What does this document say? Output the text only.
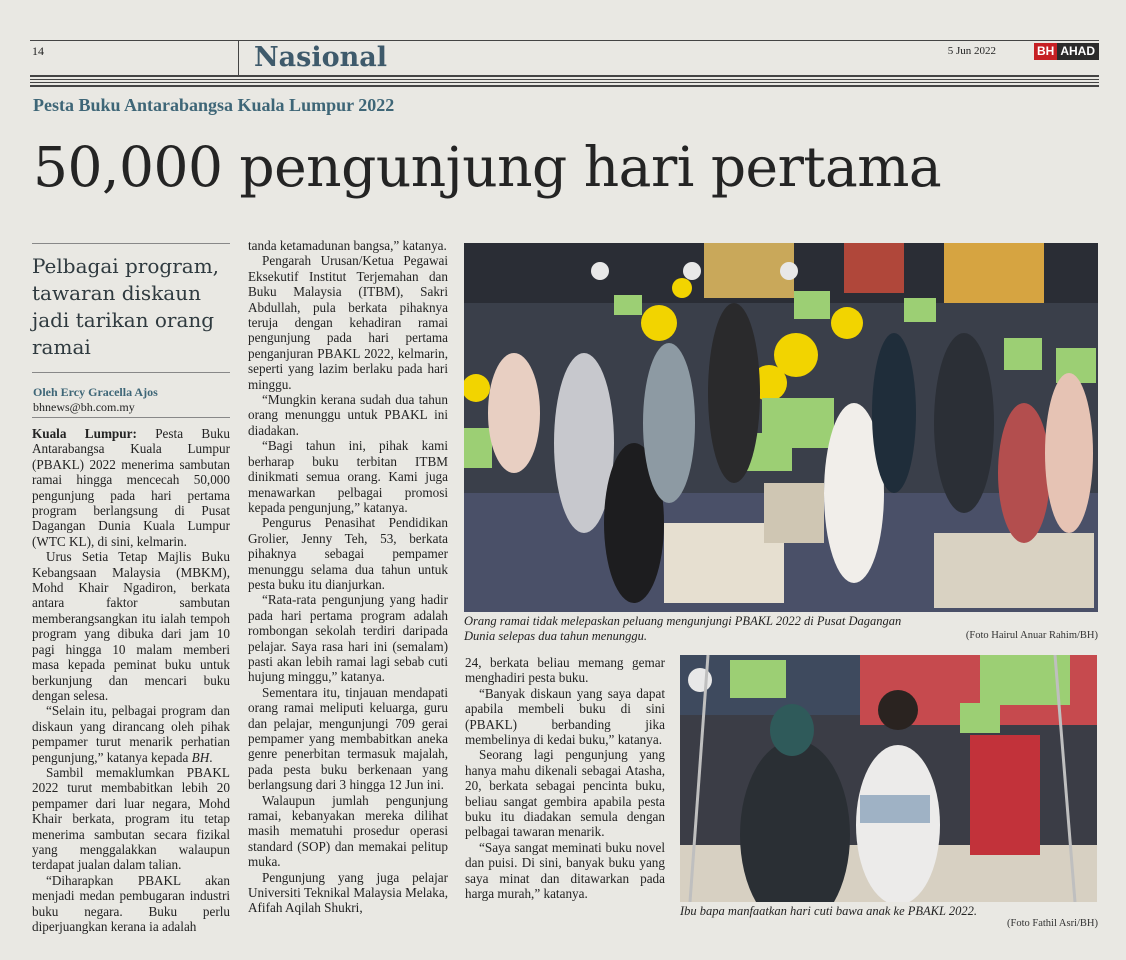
14	Nasional	5 Jun 2022	BH AHAD
Pesta Buku Antarabangsa Kuala Lumpur 2022
50,000 pengunjung hari pertama
Pelbagai program, tawaran diskaun jadi tarikan orang ramai
Oleh Ercy Gracella Ajos
bhnews@bh.com.my

Kuala Lumpur: Pesta Buku Antarabangsa Kuala Lumpur (PBAKL) 2022 menerima sambutan ramai hingga mencecah 50,000 pengunjung pada hari pertama program berlangsung di Pusat Dagangan Dunia Kuala Lumpur (WTC KL), di sini, kelmarin.

Urus Setia Tetap Majlis Buku Kebangsaan Malaysia (MBKM), Mohd Khair Ngadiron, berkata antara faktor sambutan memberangsangkan itu ialah tempoh program yang dibuka dari jam 10 pagi hingga 10 malam memberi masa kepada peminat buku untuk berkunjung dan mencari buku dengan selesa.

“Selain itu, pelbagai program dan diskaun yang dirancang oleh pihak pempamer turut menarik perhatian pengunjung,” katanya kepada BH.

Sambil memaklumkan PBAKL 2022 turut membabitkan lebih 20 pempamer dari luar negara, Mohd Khair berkata, program itu tetap menerima sambutan secara fizikal yang menggalakkan walaupun terdapat jualan dalam talian.

“Diharapkan PBAKL akan menjadi medan pembugaran industri buku negara. Buku perlu diperjuangkan kerana ia adalah

tanda ketamadunan bangsa,” katanya.

Pengarah Urusan/Ketua Pegawai Eksekutif Institut Terjemahan dan Buku Malaysia (ITBM), Sakri Abdullah, pula berkata pihaknya teruja dengan kehadiran ramai pengunjung pada hari pertama penganjuran PBAKL 2022, kelmarin, seperti yang lazim berlaku pada hari minggu.

“Mungkin kerana sudah dua tahun orang menunggu untuk PBAKL ini diadakan.

“Bagi tahun ini, pihak kami berharap buku terbitan ITBM dinikmati semua orang. Kami juga menawarkan pelbagai promosi kepada pengunjung,” katanya.

Pengurus Penasihat Pendidikan Grolier, Jenny Teh, 53, berkata pihaknya sebagai pempamer menunggu selama dua tahun untuk pesta buku itu dianjurkan.

“Rata-rata pengunjung yang hadir pada hari pertama program adalah rombongan sekolah terdiri daripada pelajar. Saya rasa hari ini (semalam) pasti akan lebih ramai lagi sebab cuti hujung minggu,” katanya.

Sementara itu, tinjauan mendapati orang ramai meliputi keluarga, guru dan pelajar, mengunjungi 709 gerai pempamer yang membabitkan aneka genre penerbitan termasuk majalah, pada pesta buku berkenaan yang berlangsung dari 3 hingga 12 Jun ini.

Walaupun jumlah pengunjung ramai, kebanyakan mereka dilihat masih mematuhi prosedur operasi standard (SOP) dan memakai pelitup muka.

Pengunjung yang juga pelajar Universiti Teknikal Malaysia Melaka, Afifah Aqilah Shukri,

24, berkata beliau memang gemar menghadiri pesta buku.

“Banyak diskaun yang saya dapat apabila membeli buku di sini (PBAKL) berbanding jika membelinya di kedai buku,” katanya.

Seorang lagi pengunjung yang hanya mahu dikenali sebagai Atasha, 20, berkata sebagai pencinta buku, beliau sangat gembira apabila pesta buku itu diadakan semula dengan pelbagai tawaran menarik.

“Saya sangat meminati buku novel dan puisi. Di sini, banyak buku yang saya minat dan ditawarkan pada harga murah,” katanya.

Orang ramai tidak melepaskan peluang mengunjungi PBAKL 2022 di Pusat Dagangan Dunia selepas dua tahun menunggu.	(Foto Hairul Anuar Rahim/BH)
Ibu bapa manfaatkan hari cuti bawa anak ke PBAKL 2022.
(Foto Fathil Asri/BH)
